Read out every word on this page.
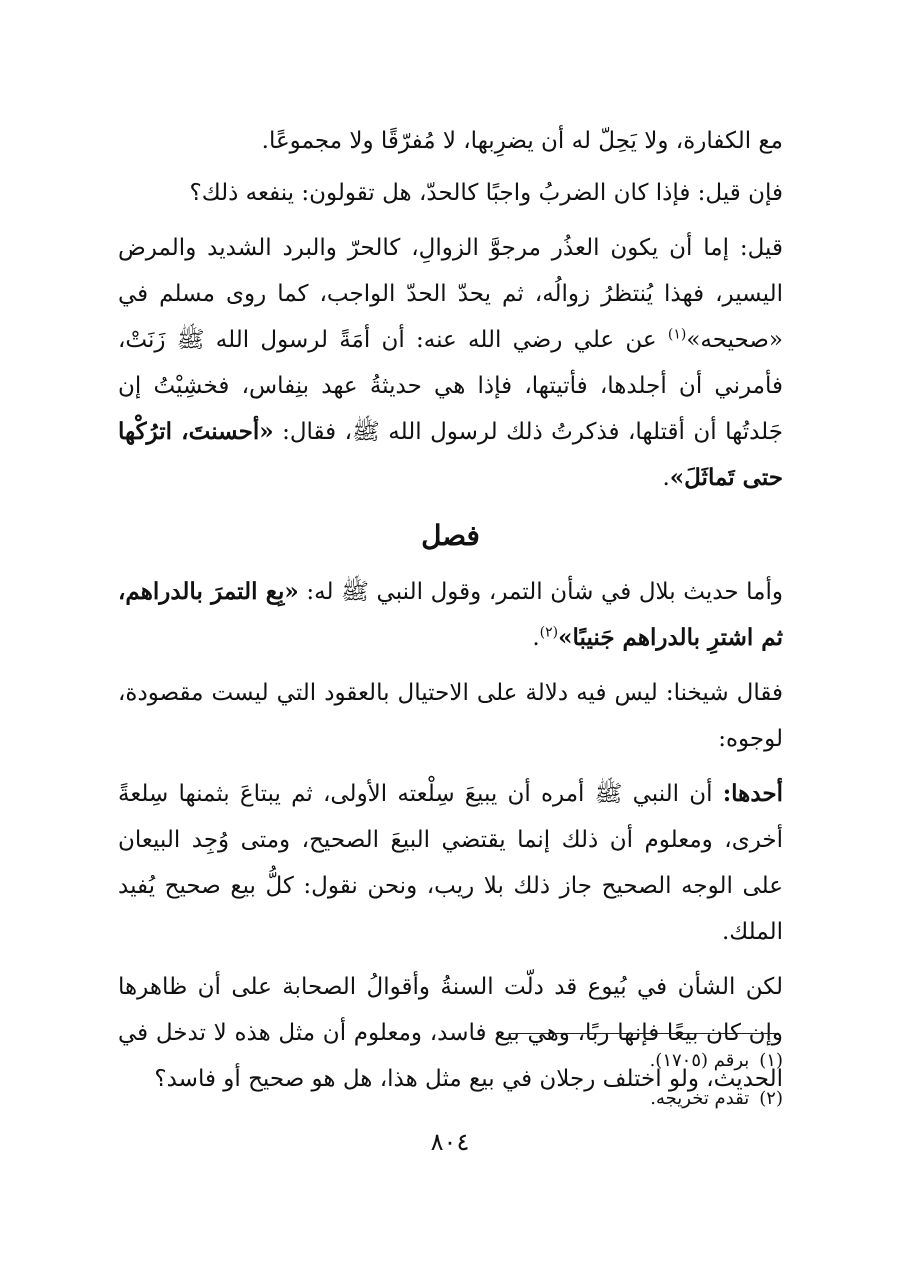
مع الكفارة، ولا يَحِلّ له أن يضرِبها، لا مُفرّقًا ولا مجموعًا.

فإن قيل: فإذا كان الضربُ واجبًا كالحدّ، هل تقولون: ينفعه ذلك؟

قيل: إما أن يكون العذُر مرجوَّ الزوالِ، كالحرّ والبرد الشديد والمرض اليسير، فهذا يُنتظرُ زوالُه، ثم يحدّ الحدّ الواجب، كما روى مسلم في «صحيحه»$^{(١)}$ عن علي رضي الله عنه: أن أمَةً لرسول الله ﷺ زَنَتْ، فأمرني أن أجلدها، فأتيتها، فإذا هي حديثةُ عهد بنِفاس، فخشِيْتُ إن جَلدتُها أن أقتلها، فذكرتُ ذلك لرسول الله ﷺ، فقال: «أحسنتَ، اترُكْها حتى تَماثَلَ».

فصل

وأما حديث بلال في شأن التمر، وقول النبي ﷺ له: «بِع التمرَ بالدراهم، ثم اشترِ بالدراهم جَنيبًا»$^{(٢)}$.

فقال شيخنا: ليس فيه دلالة على الاحتيال بالعقود التي ليست مقصودة، لوجوه:

أحدها: أن النبي ﷺ أمره أن يبيعَ سِلْعته الأولى، ثم يبتاعَ بثمنها سِلعةً أخرى، ومعلوم أن ذلك إنما يقتضي البيعَ الصحيح، ومتى وُجِد البيعان على الوجه الصحيح جاز ذلك بلا ريب، ونحن نقول: كلُّ بيع صحيح يُفيد الملك.

لكن الشأن في بُيوع قد دلّت السنةُ وأقوالُ الصحابة على أن ظاهرها وإن كان بيعًا فإنها ربًا، وهي بيع فاسد، ومعلوم أن مثل هذه لا تدخل في الحديث، ولو اختلف رجلان في بيع مثل هذا، هل هو صحيح أو فاسد؟

(١)برقم (١٧٠٥).
(٢)تقدم تخريجه.
٨٠٤
